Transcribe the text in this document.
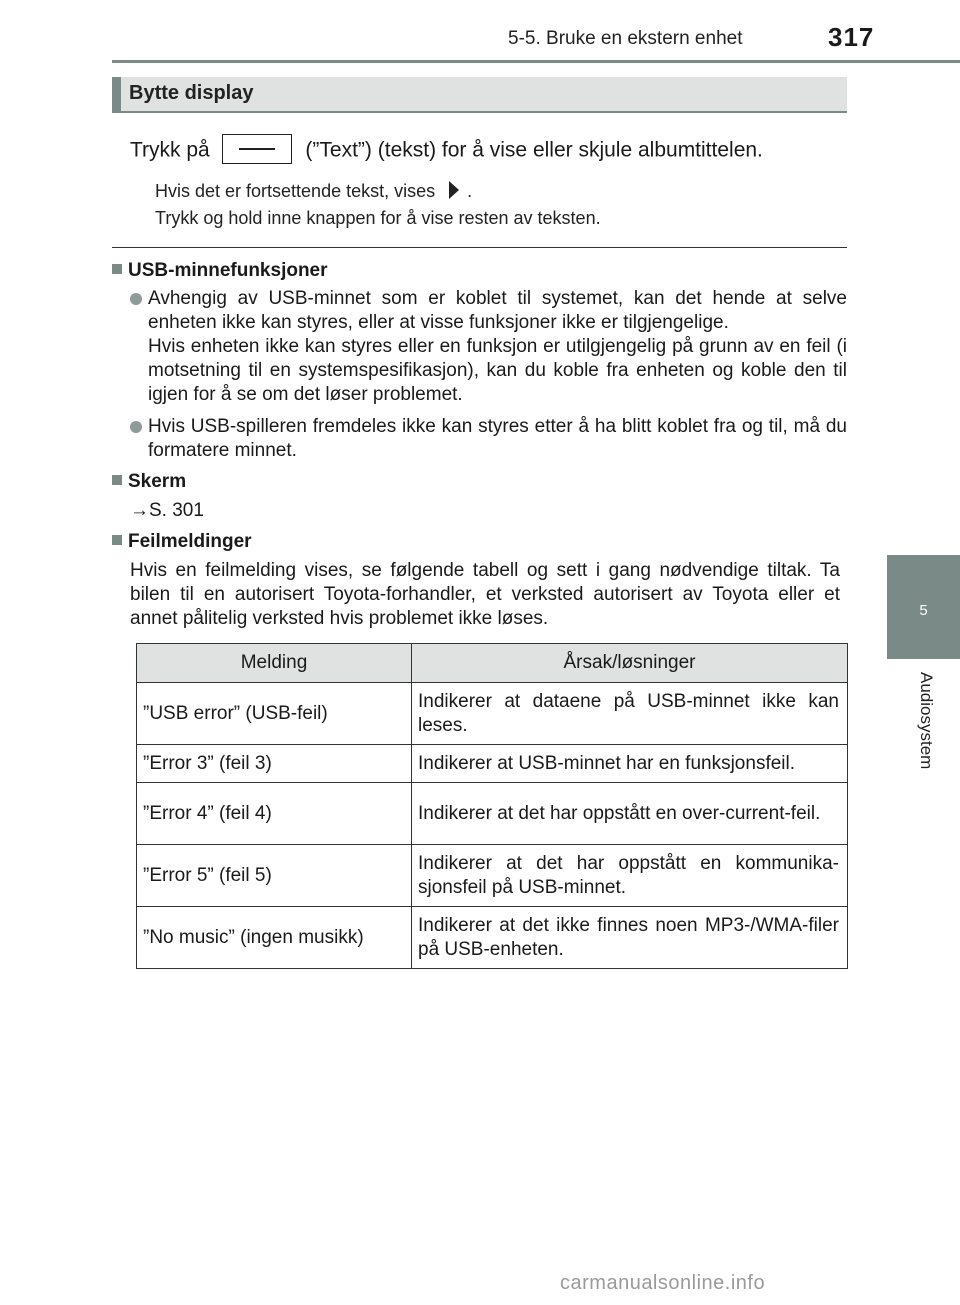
5-5. Bruke en ekstern enhet	317
5
Audiosystem
Bytte display
Trykk på	(”Text”) (tekst) for å vise eller skjule albumtittelen.
Hvis det er fortsettende tekst, vises .
Trykk og hold inne knappen for å vise resten av teksten.
USB-minnefunksjoner
Avhengig av USB-minnet som er koblet til systemet, kan det hende at selve enheten ikke kan styres, eller at visse funksjoner ikke er tilgjengelige.
Hvis enheten ikke kan styres eller en funksjon er utilgjengelig på grunn av en feil (i motsetning til en systemspesifikasjon), kan du koble fra enheten og koble den til igjen for å se om det løser problemet.
Hvis USB-spilleren fremdeles ikke kan styres etter å ha blitt koblet fra og til, må du formatere minnet.
Skerm
→S. 301
Feilmeldinger
Hvis en feilmelding vises, se følgende tabell og sett i gang nødvendige tiltak. Ta bilen til en autorisert Toyota-forhandler, et verksted autorisert av Toyota eller et annet pålitelig verksted hvis problemet ikke løses.
Melding	Årsak/løsninger
”USB error” (USB-feil)	Indikerer at dataene på USB-minnet ikke kan leses.
”Error 3” (feil 3)	Indikerer at USB-minnet har en funksjonsfeil.
”Error 4” (feil 4)	Indikerer at det har oppstått en over-current-feil.
”Error 5” (feil 5)	Indikerer at det har oppstått en kommunika-sjonsfeil på USB-minnet.
”No music” (ingen musikk)	Indikerer at det ikke finnes noen MP3-/WMA-filer på USB-enheten.
carmanualsonline.info
